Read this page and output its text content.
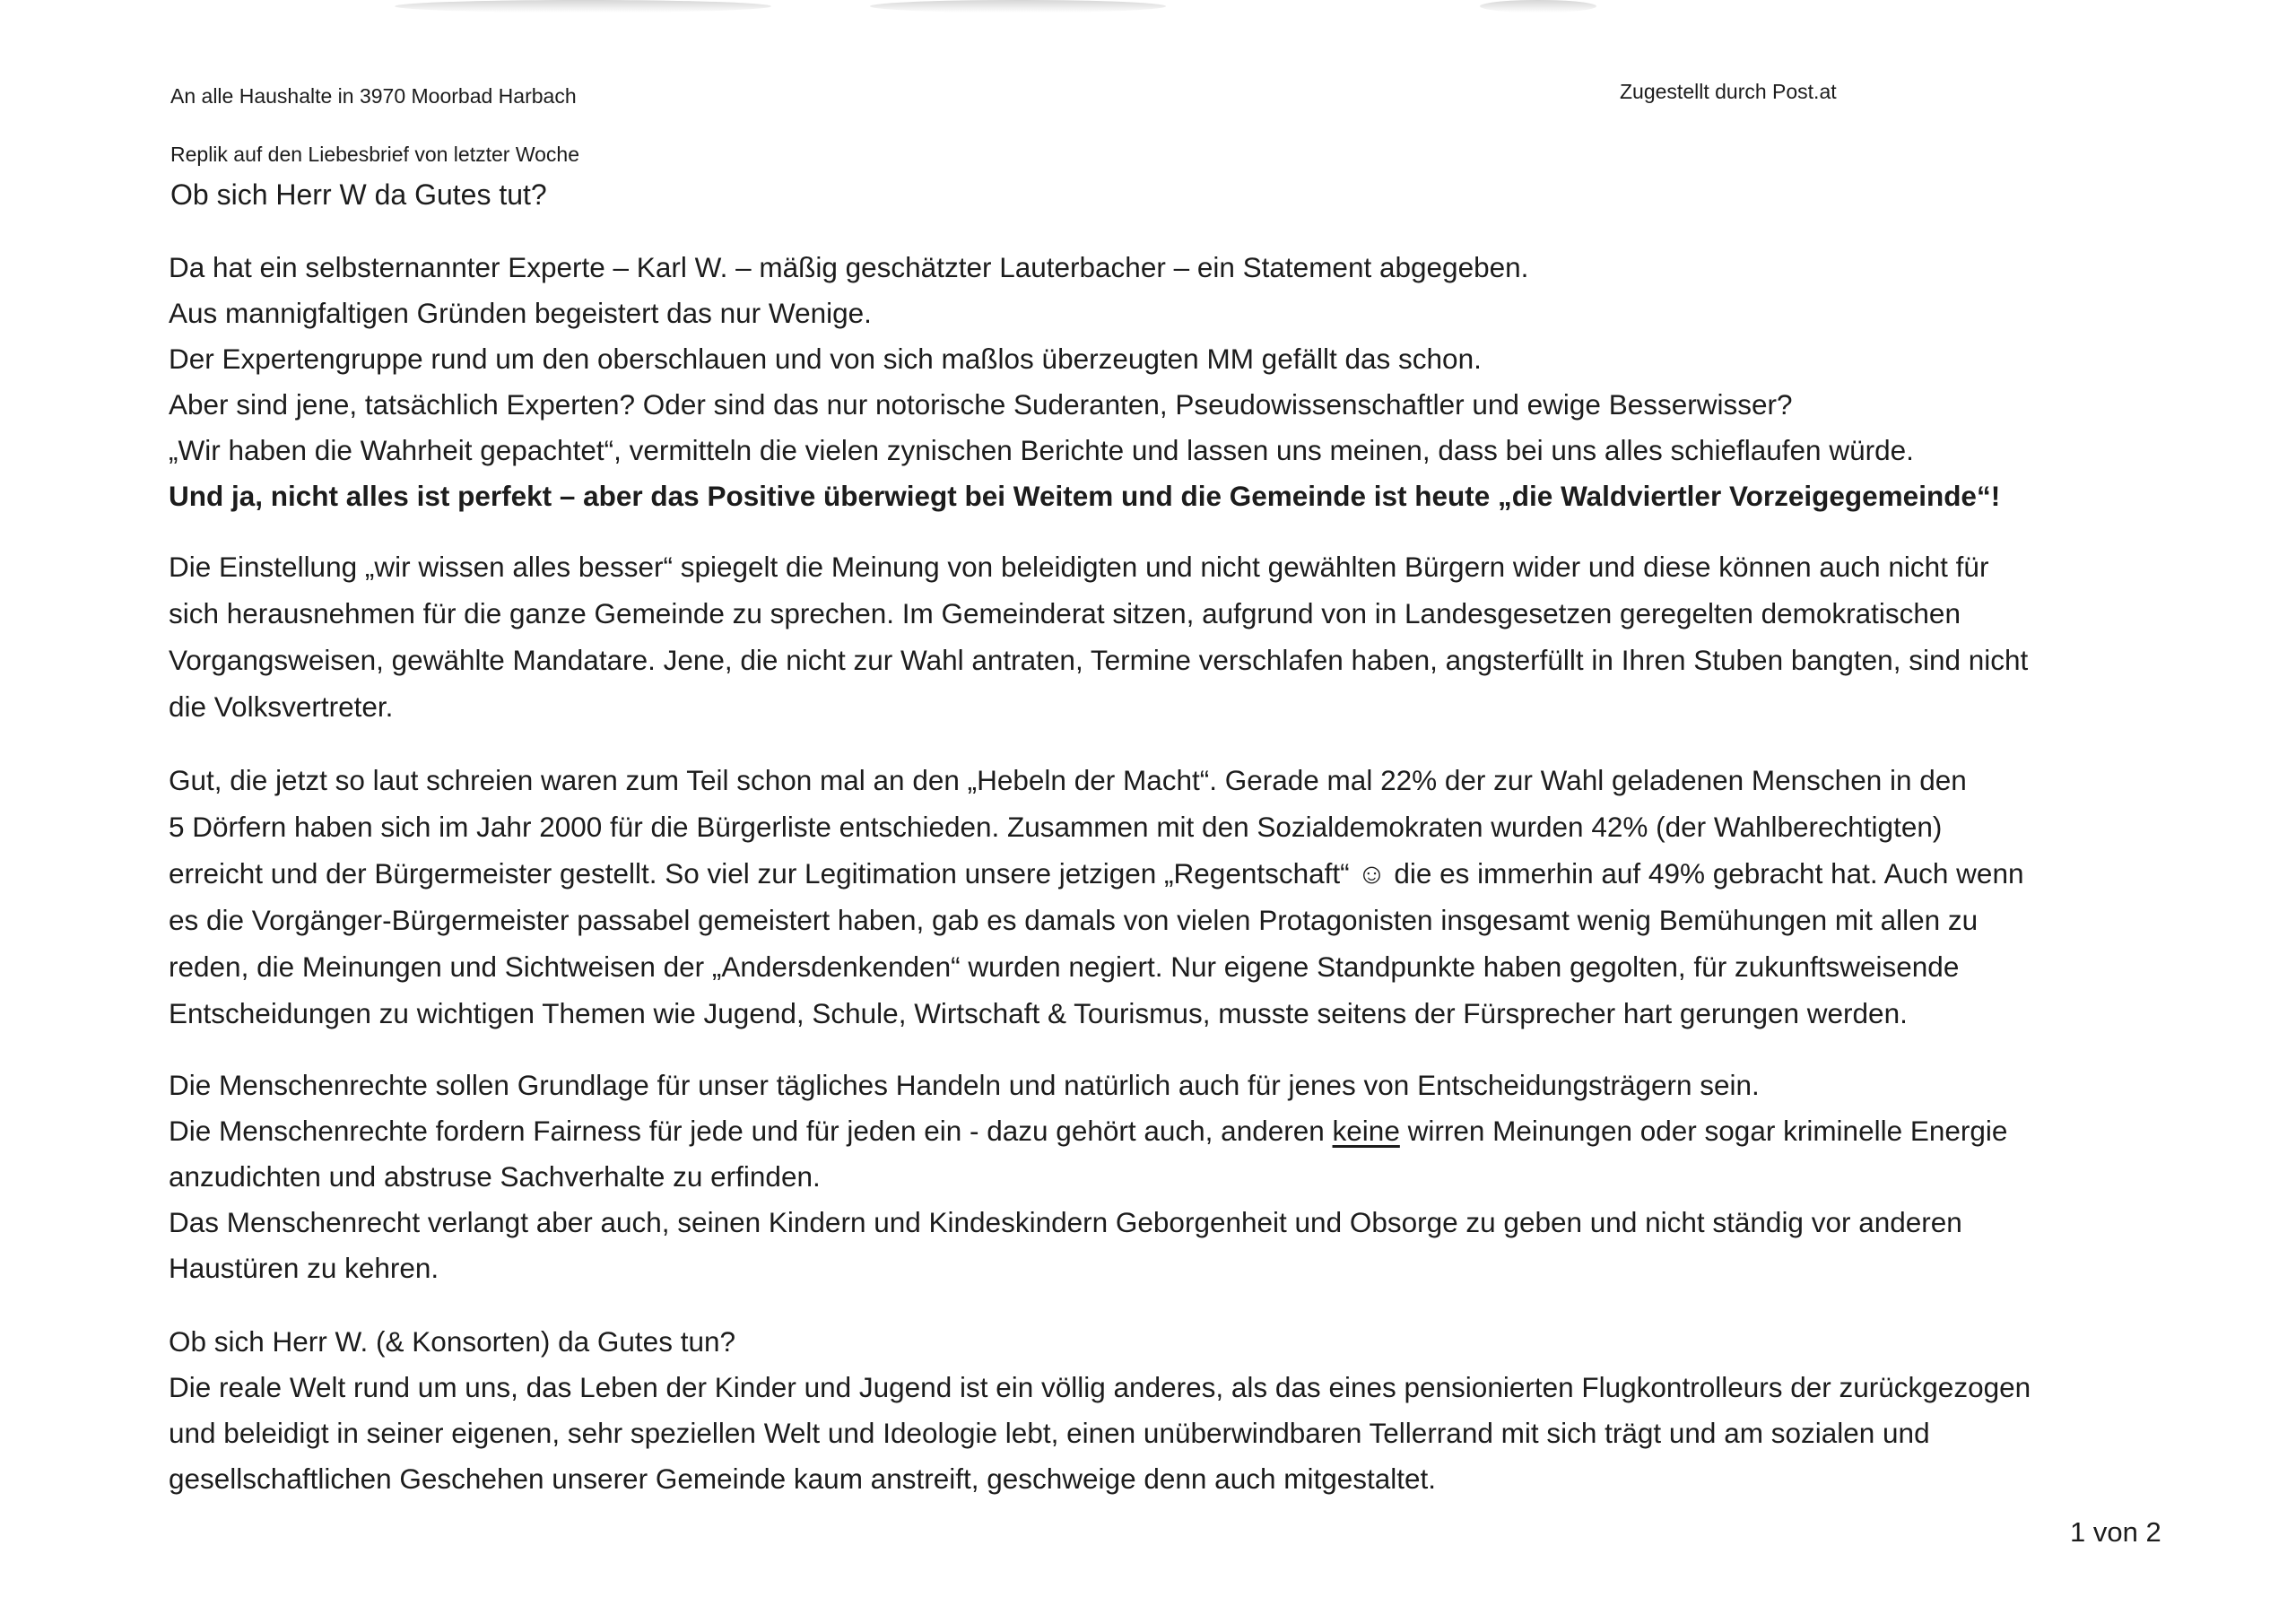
An alle Haushalte in 3970 Moorbad Harbach	Zugestellt durch Post.at
Replik auf den Liebesbrief von letzter Woche
Ob sich Herr W da Gutes tut?
Da hat ein selbsternannter Experte – Karl W. – mäßig geschätzter Lauterbacher – ein Statement abgegeben.
Aus mannigfaltigen Gründen begeistert das nur Wenige.
Der Expertengruppe rund um den oberschlauen und von sich maßlos überzeugten MM gefällt das schon.
Aber sind jene, tatsächlich Experten? Oder sind das nur notorische Suderanten, Pseudowissenschaftler und ewige Besserwisser?
„Wir haben die Wahrheit gepachtet“, vermitteln die vielen zynischen Berichte und lassen uns meinen, dass bei uns alles schieflaufen würde.
Und ja, nicht alles ist perfekt – aber das Positive überwiegt bei Weitem und die Gemeinde ist heute „die Waldviertler Vorzeigegemeinde“!
Die Einstellung „wir wissen alles besser“ spiegelt die Meinung von beleidigten und nicht gewählten Bürgern wider und diese können auch nicht für
sich herausnehmen für die ganze Gemeinde zu sprechen. Im Gemeinderat sitzen, aufgrund von in Landesgesetzen geregelten demokratischen
Vorgangsweisen, gewählte Mandatare. Jene, die nicht zur Wahl antraten, Termine verschlafen haben, angsterfüllt in Ihren Stuben bangten, sind nicht
die Volksvertreter.
Gut, die jetzt so laut schreien waren zum Teil schon mal an den „Hebeln der Macht“. Gerade mal 22% der zur Wahl geladenen Menschen in den
5 Dörfern haben sich im Jahr 2000 für die Bürgerliste entschieden. Zusammen mit den Sozialdemokraten wurden 42% (der Wahlberechtigten)
erreicht und der Bürgermeister gestellt. So viel zur Legitimation unsere jetzigen „Regentschaft“ ☺ die es immerhin auf 49% gebracht hat. Auch wenn
es die Vorgänger-Bürgermeister passabel gemeistert haben, gab es damals von vielen Protagonisten insgesamt wenig Bemühungen mit allen zu
reden, die Meinungen und Sichtweisen der „Andersdenkenden“ wurden negiert. Nur eigene Standpunkte haben gegolten, für zukunftsweisende
Entscheidungen zu wichtigen Themen wie Jugend, Schule, Wirtschaft & Tourismus, musste seitens der Fürsprecher hart gerungen werden.
Die Menschenrechte sollen Grundlage für unser tägliches Handeln und natürlich auch für jenes von Entscheidungsträgern sein.
Die Menschenrechte fordern Fairness für jede und für jeden ein - dazu gehört auch, anderen keine wirren Meinungen oder sogar kriminelle Energie
anzudichten und abstruse Sachverhalte zu erfinden.
Das Menschenrecht verlangt aber auch, seinen Kindern und Kindeskindern Geborgenheit und Obsorge zu geben und nicht ständig vor anderen
Haustüren zu kehren.
Ob sich Herr W. (& Konsorten) da Gutes tun?
Die reale Welt rund um uns, das Leben der Kinder und Jugend ist ein völlig anderes, als das eines pensionierten Flugkontrolleurs der zurückgezogen
und beleidigt in seiner eigenen, sehr speziellen Welt und Ideologie lebt, einen unüberwindbaren Tellerrand mit sich trägt und am sozialen und
gesellschaftlichen Geschehen unserer Gemeinde kaum anstreift, geschweige denn auch mitgestaltet.
1 von 2
